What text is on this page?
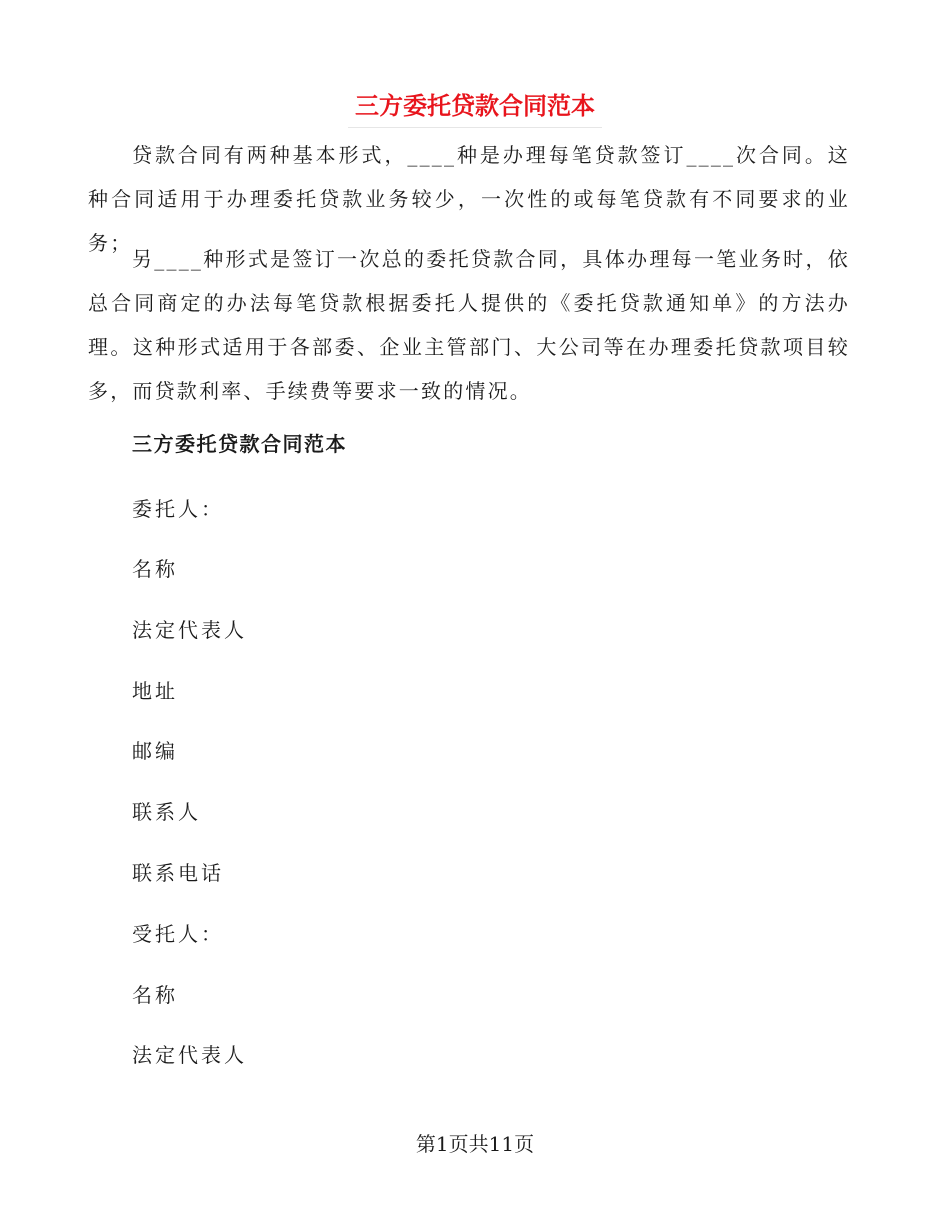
三方委托贷款合同范本

贷款合同有两种基本形式，____种是办理每笔贷款签订____次合同。这种合同适用于办理委托贷款业务较少，一次性的或每笔贷款有不同要求的业务；

另____种形式是签订一次总的委托贷款合同，具体办理每一笔业务时，依总合同商定的办法每笔贷款根据委托人提供的《委托贷款通知单》的方法办理。这种形式适用于各部委、企业主管部门、大公司等在办理委托贷款项目较多，而贷款利率、手续费等要求一致的情况。

三方委托贷款合同范本

委托人：

名称

法定代表人

地址

邮编

联系人

联系电话

受托人：

名称

法定代表人

第1页共11页
